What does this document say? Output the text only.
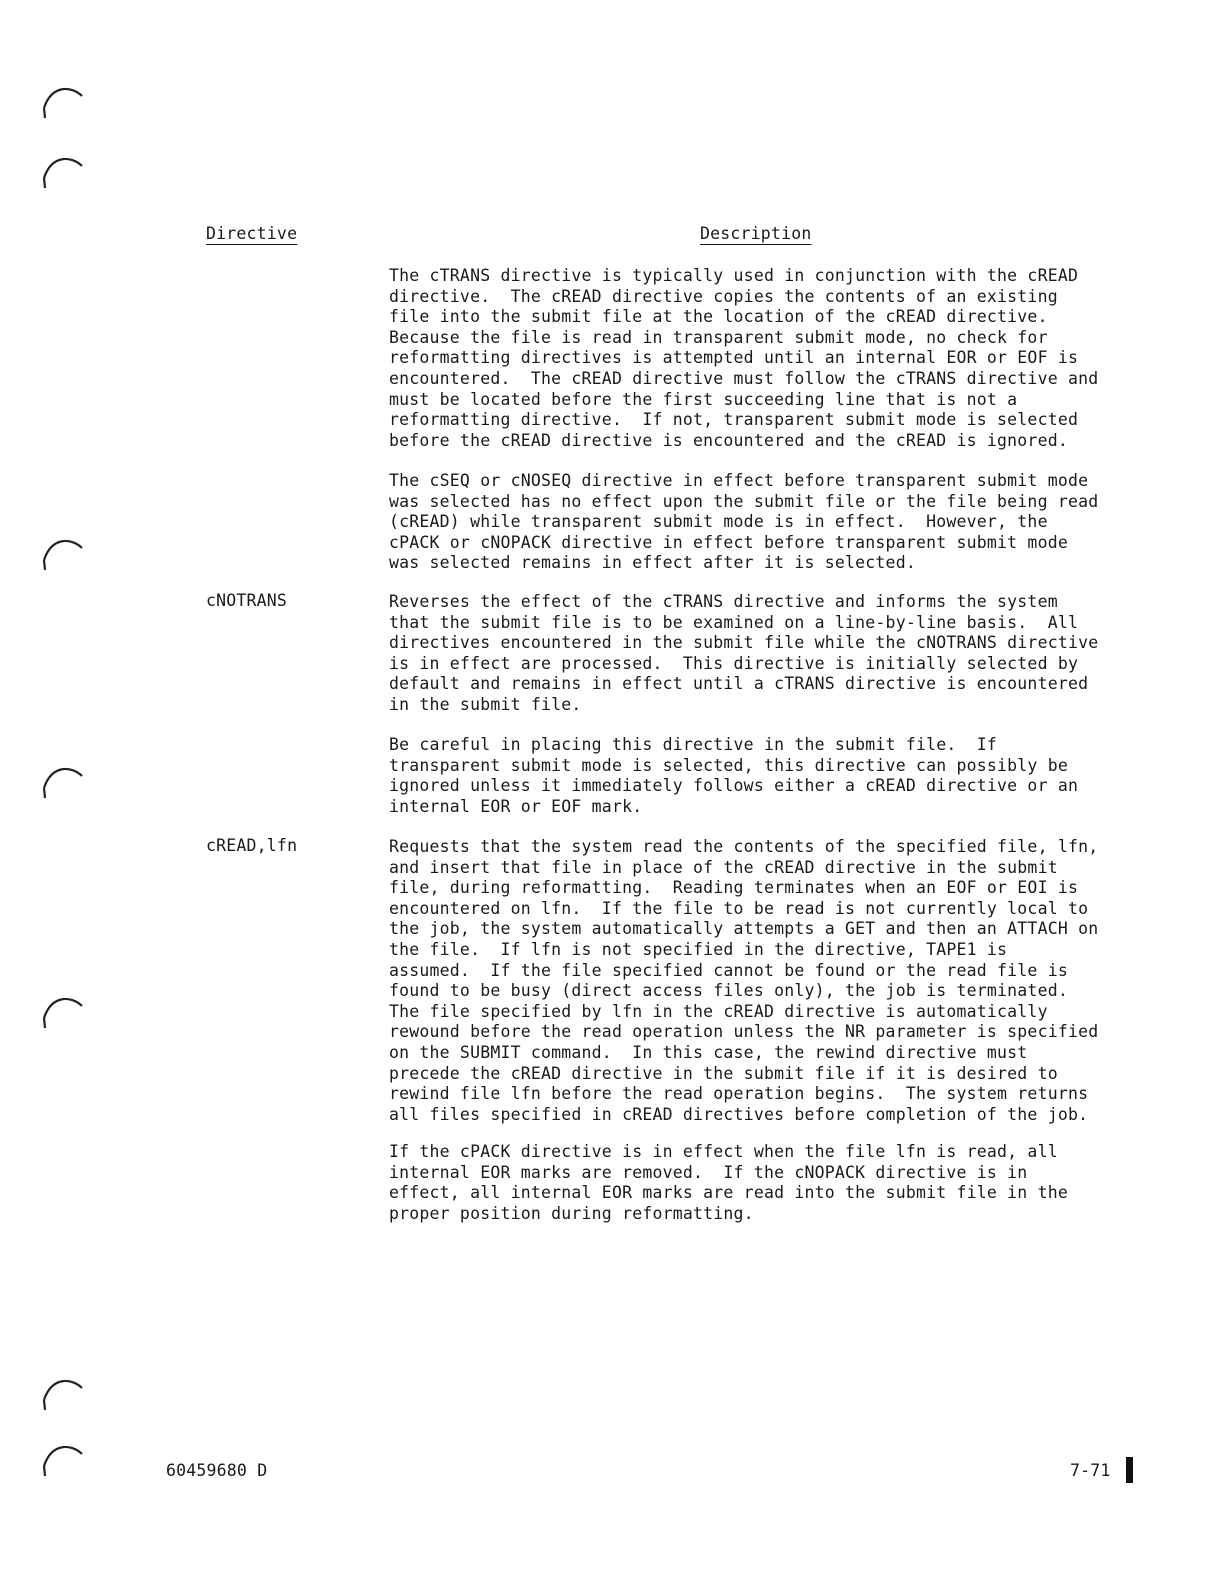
Directive	Description
The cTRANS directive is typically used in conjunction with the cREAD
directive.  The cREAD directive copies the contents of an existing
file into the submit file at the location of the cREAD directive.
Because the file is read in transparent submit mode, no check for
reformatting directives is attempted until an internal EOR or EOF is
encountered.  The cREAD directive must follow the cTRANS directive and
must be located before the first succeeding line that is not a
reformatting directive.  If not, transparent submit mode is selected
before the cREAD directive is encountered and the cREAD is ignored.
The cSEQ or cNOSEQ directive in effect before transparent submit mode
was selected has no effect upon the submit file or the file being read
(cREAD) while transparent submit mode is in effect.  However, the
cPACK or cNOPACK directive in effect before transparent submit mode
was selected remains in effect after it is selected.
cNOTRANS	Reverses the effect of the cTRANS directive and informs the system
that the submit file is to be examined on a line-by-line basis.  All
directives encountered in the submit file while the cNOTRANS directive
is in effect are processed.  This directive is initially selected by
default and remains in effect until a cTRANS directive is encountered
in the submit file.
Be careful in placing this directive in the submit file.  If
transparent submit mode is selected, this directive can possibly be
ignored unless it immediately follows either a cREAD directive or an
internal EOR or EOF mark.
cREAD,lfn	Requests that the system read the contents of the specified file, lfn,
and insert that file in place of the cREAD directive in the submit
file, during reformatting.  Reading terminates when an EOF or EOI is
encountered on lfn.  If the file to be read is not currently local to
the job, the system automatically attempts a GET and then an ATTACH on
the file.  If lfn is not specified in the directive, TAPE1 is
assumed.  If the file specified cannot be found or the read file is
found to be busy (direct access files only), the job is terminated.
The file specified by lfn in the cREAD directive is automatically
rewound before the read operation unless the NR parameter is specified
on the SUBMIT command.  In this case, the rewind directive must
precede the cREAD directive in the submit file if it is desired to
rewind file lfn before the read operation begins.  The system returns
all files specified in cREAD directives before completion of the job.
If the cPACK directive is in effect when the file lfn is read, all
internal EOR marks are removed.  If the cNOPACK directive is in
effect, all internal EOR marks are read into the submit file in the
proper position during reformatting.
60459680 D	7-71
